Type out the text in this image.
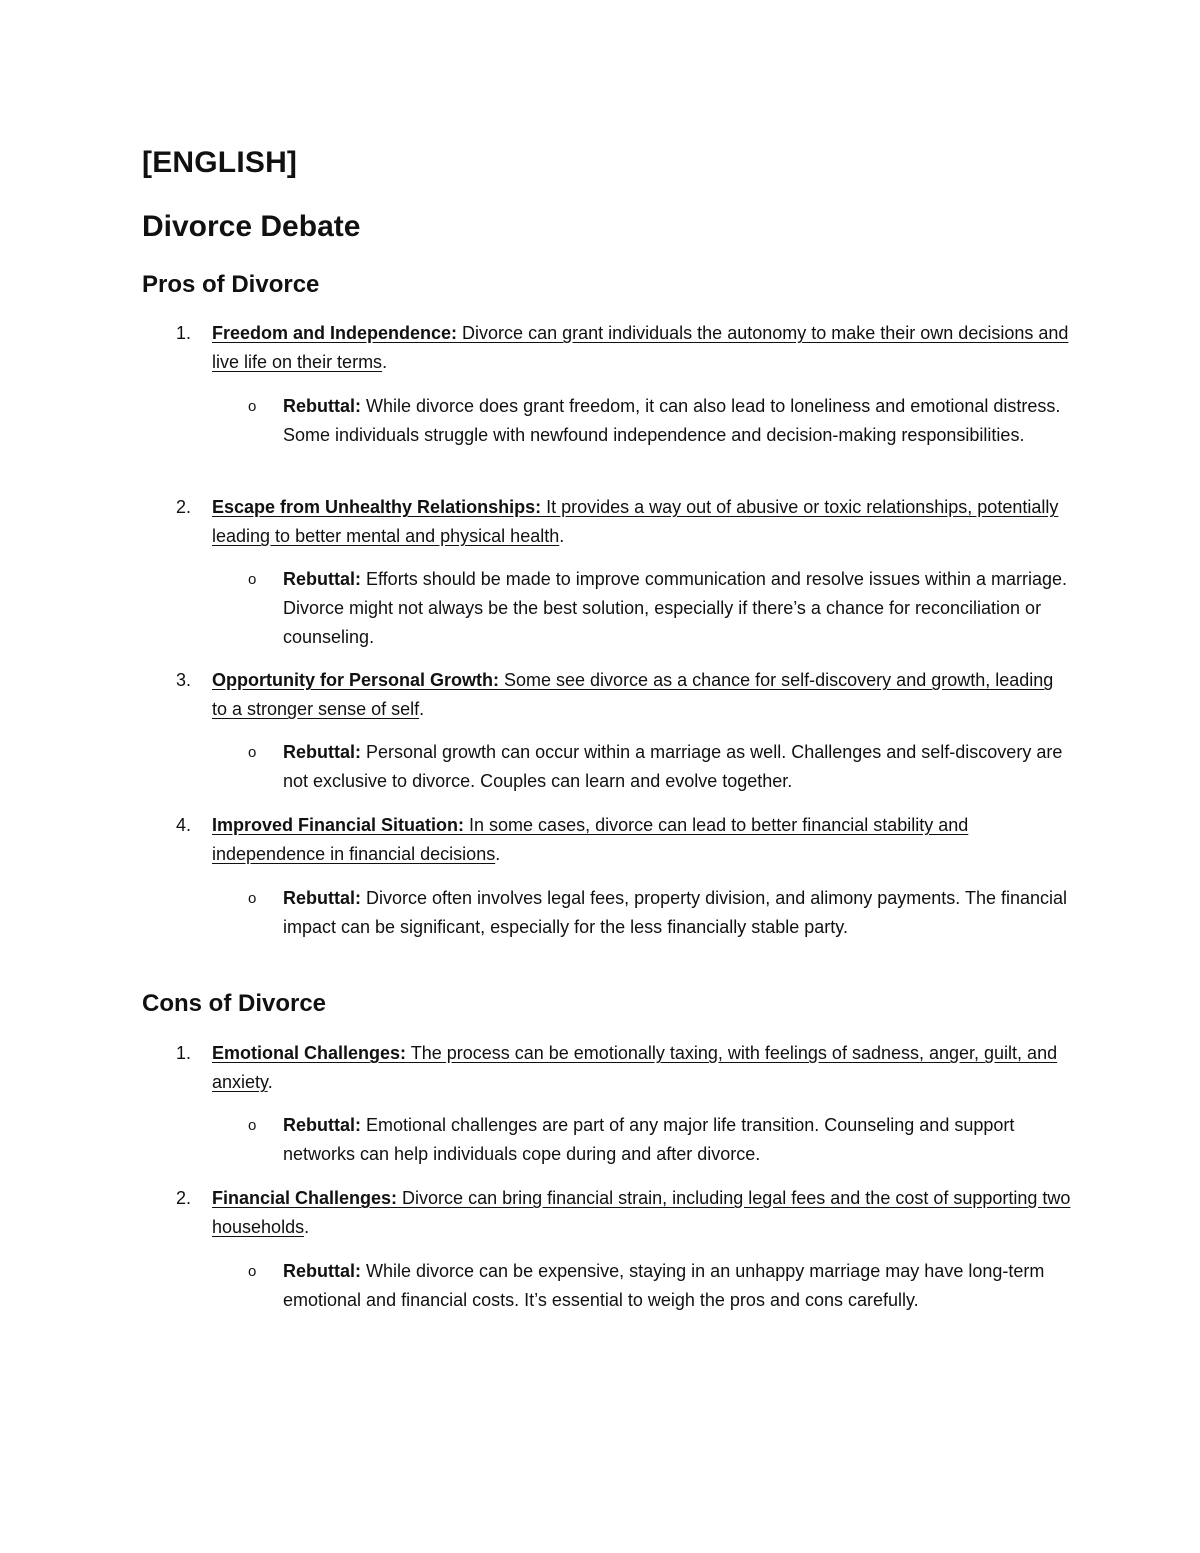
[ENGLISH]
Divorce Debate
Pros of Divorce

1. Freedom and Independence: Divorce can grant individuals the autonomy to make their own decisions and live life on their terms.

o Rebuttal: While divorce does grant freedom, it can also lead to loneliness and emotional distress. Some individuals struggle with newfound independence and decision-making responsibilities.

2. Escape from Unhealthy Relationships: It provides a way out of abusive or toxic relationships, potentially leading to better mental and physical health.

o Rebuttal: Efforts should be made to improve communication and resolve issues within a marriage. Divorce might not always be the best solution, especially if there’s a chance for reconciliation or counseling.

3. Opportunity for Personal Growth: Some see divorce as a chance for self-discovery and growth, leading to a stronger sense of self.

o Rebuttal: Personal growth can occur within a marriage as well. Challenges and self-discovery are not exclusive to divorce. Couples can learn and evolve together.

4. Improved Financial Situation: In some cases, divorce can lead to better financial stability and independence in financial decisions.

o Rebuttal: Divorce often involves legal fees, property division, and alimony payments. The financial impact can be significant, especially for the less financially stable party.

Cons of Divorce

1. Emotional Challenges: The process can be emotionally taxing, with feelings of sadness, anger, guilt, and anxiety.

o Rebuttal: Emotional challenges are part of any major life transition. Counseling and support networks can help individuals cope during and after divorce.

2. Financial Challenges: Divorce can bring financial strain, including legal fees and the cost of supporting two households.

o Rebuttal: While divorce can be expensive, staying in an unhappy marriage may have long-term emotional and financial costs. It’s essential to weigh the pros and cons carefully.
